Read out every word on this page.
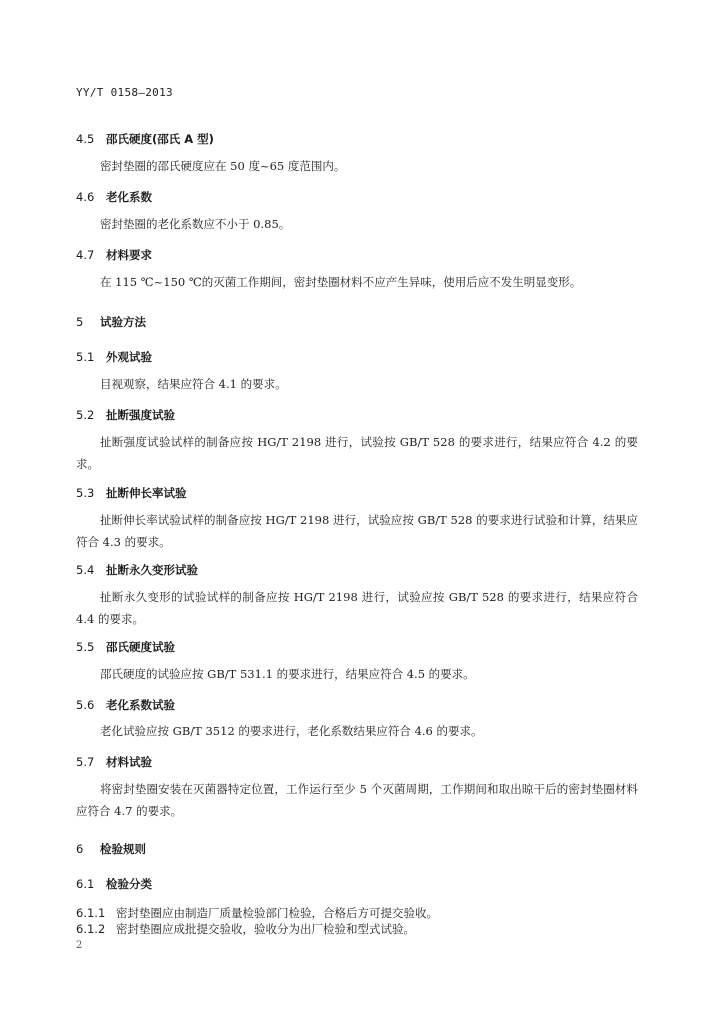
YY/T 0158—2013
4.5 邵氏硬度(邵氏 A 型)
密封垫圈的邵氏硬度应在 50 度~65 度范围内。
4.6 老化系数
密封垫圈的老化系数应不小于 0.85。
4.7 材料要求
在 115 ℃~150 ℃的灭菌工作期间，密封垫圈材料不应产生异味，使用后应不发生明显变形。
5 试验方法
5.1 外观试验
目视观察，结果应符合 4.1 的要求。
5.2 扯断强度试验
扯断强度试验试样的制备应按 HG/T 2198 进行，试验按 GB/T 528 的要求进行，结果应符合 4.2 的要求。
5.3 扯断伸长率试验
扯断伸长率试验试样的制备应按 HG/T 2198 进行，试验应按 GB/T 528 的要求进行试验和计算，结果应符合 4.3 的要求。
5.4 扯断永久变形试验
扯断永久变形的试验试样的制备应按 HG/T 2198 进行，试验应按 GB/T 528 的要求进行，结果应符合 4.4 的要求。
5.5 邵氏硬度试验
邵氏硬度的试验应按 GB/T 531.1 的要求进行，结果应符合 4.5 的要求。
5.6 老化系数试验
老化试验应按 GB/T 3512 的要求进行，老化系数结果应符合 4.6 的要求。
5.7 材料试验
将密封垫圈安装在灭菌器特定位置，工作运行至少 5 个灭菌周期，工作期间和取出晾干后的密封垫圈材料应符合 4.7 的要求。
6 检验规则
6.1 检验分类
6.1.1 密封垫圈应由制造厂质量检验部门检验，合格后方可提交验收。
6.1.2 密封垫圈应成批提交验收，验收分为出厂检验和型式试验。
2
